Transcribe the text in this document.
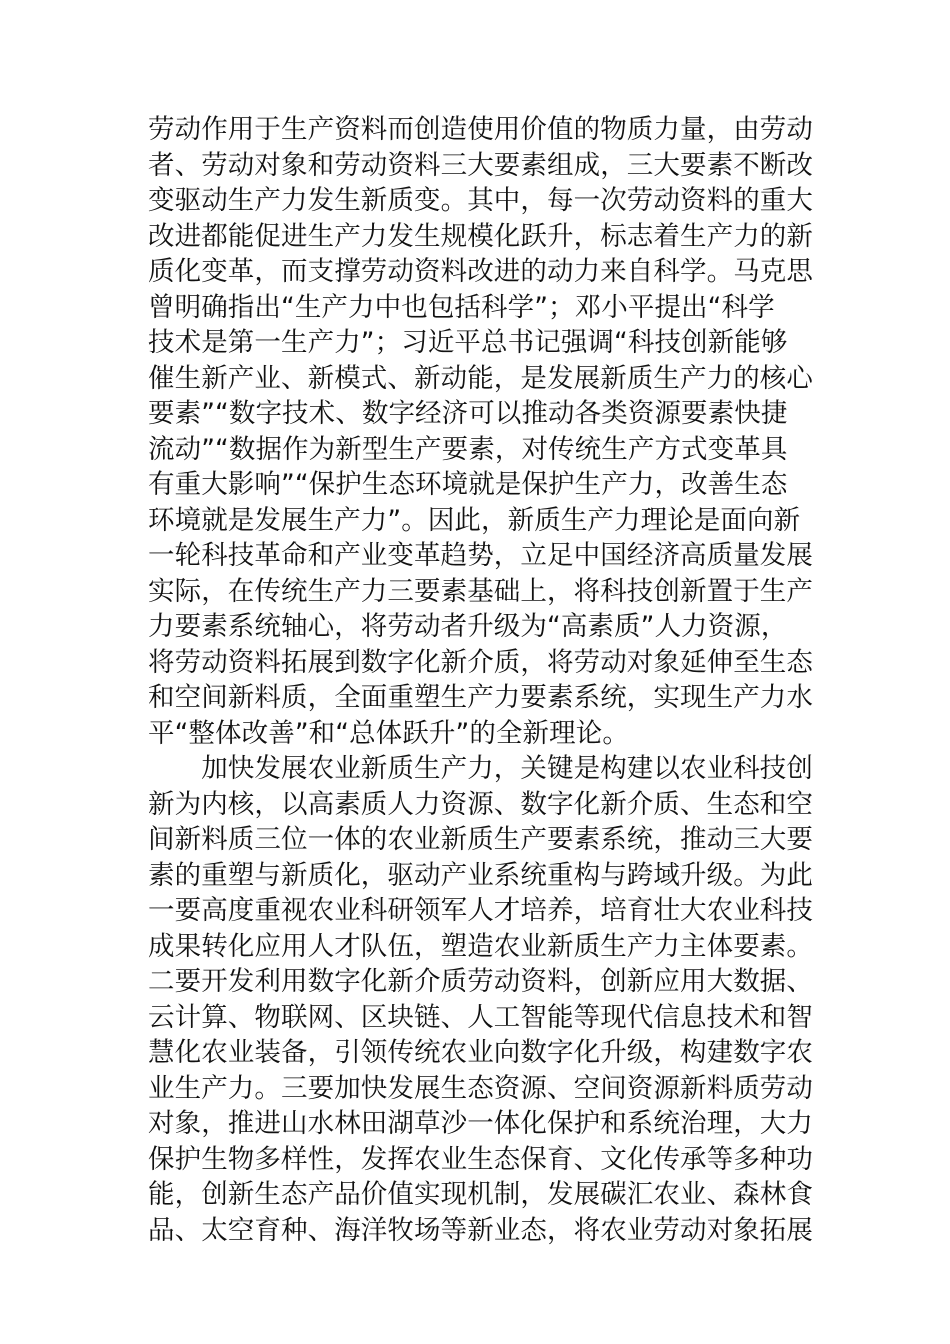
劳动作用于生产资料而创造使用价值的物质力量，由劳动
者、劳动对象和劳动资料三大要素组成，三大要素不断改
变驱动生产力发生新质变。其中，每一次劳动资料的重大
改进都能促进生产力发生规模化跃升，标志着生产力的新
质化变革，而支撑劳动资料改进的动力来自科学。马克思
曾明确指出“生产力中也包括科学”；邓小平提出“科学
技术是第一生产力”；习近平总书记强调“科技创新能够
催生新产业、新模式、新动能，是发展新质生产力的核心
要素”“数字技术、数字经济可以推动各类资源要素快捷
流动”“数据作为新型生产要素，对传统生产方式变革具
有重大影响”“保护生态环境就是保护生产力，改善生态
环境就是发展生产力”。因此，新质生产力理论是面向新
一轮科技革命和产业变革趋势，立足中国经济高质量发展
实际，在传统生产力三要素基础上，将科技创新置于生产
力要素系统轴心，将劳动者升级为“高素质”人力资源，
将劳动资料拓展到数字化新介质，将劳动对象延伸至生态
和空间新料质，全面重塑生产力要素系统，实现生产力水
平“整体改善”和“总体跃升”的全新理论。
　　加快发展农业新质生产力，关键是构建以农业科技创
新为内核，以高素质人力资源、数字化新介质、生态和空
间新料质三位一体的农业新质生产要素系统，推动三大要
素的重塑与新质化，驱动产业系统重构与跨域升级。为此
一要高度重视农业科研领军人才培养，培育壮大农业科技
成果转化应用人才队伍，塑造农业新质生产力主体要素。
二要开发利用数字化新介质劳动资料，创新应用大数据、
云计算、物联网、区块链、人工智能等现代信息技术和智
慧化农业装备，引领传统农业向数字化升级，构建数字农
业生产力。三要加快发展生态资源、空间资源新料质劳动
对象，推进山水林田湖草沙一体化保护和系统治理，大力
保护生物多样性，发挥农业生态保育、文化传承等多种功
能，创新生态产品价值实现机制，发展碳汇农业、森林食
品、太空育种、海洋牧场等新业态，将农业劳动对象拓展
